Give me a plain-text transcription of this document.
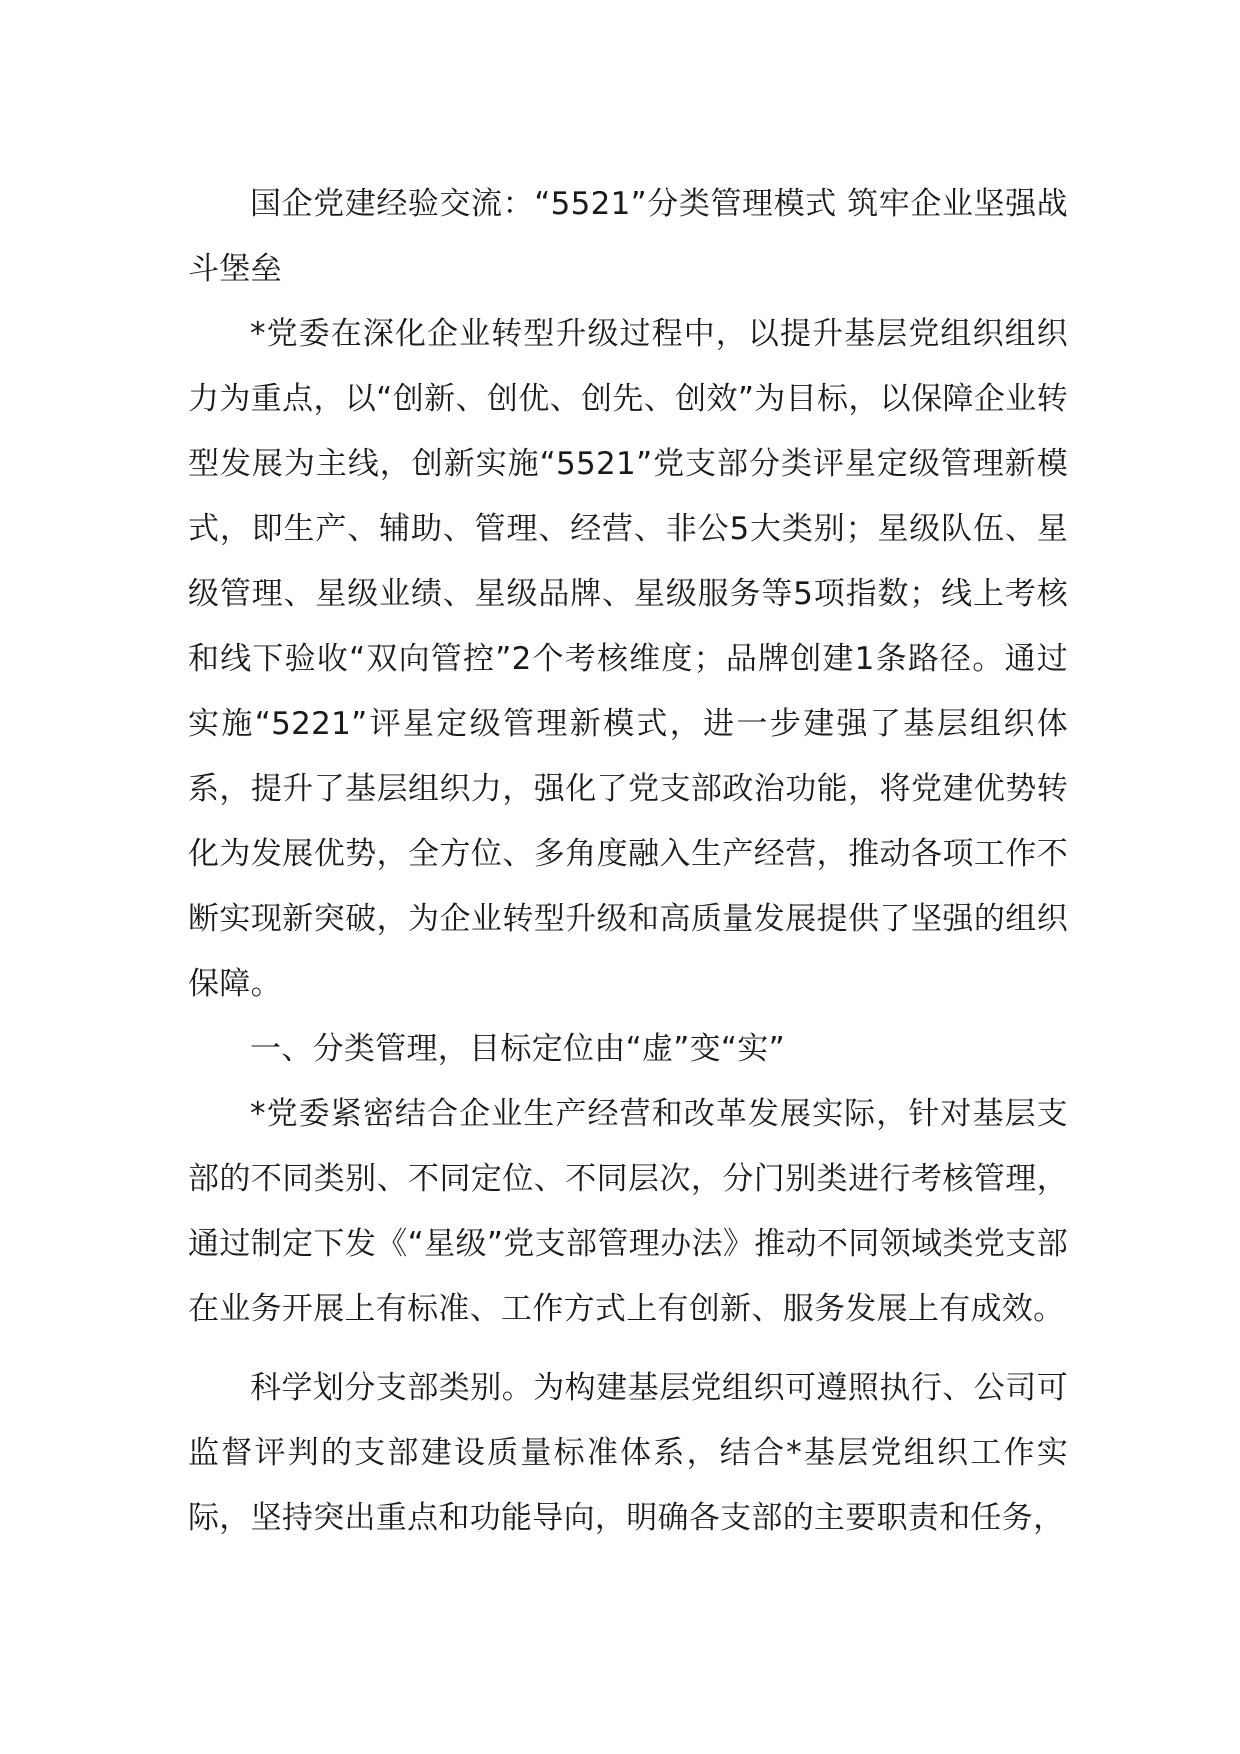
国企党建经验交流：“5521”分类管理模式 筑牢企业坚强战斗堡垒

*党委在深化企业转型升级过程中，以提升基层党组织组织力为重点，以“创新、创优、创先、创效”为目标，以保障企业转型发展为主线，创新实施“5521”党支部分类评星定级管理新模式，即生产、辅助、管理、经营、非公5大类别；星级队伍、星级管理、星级业绩、星级品牌、星级服务等5项指数；线上考核和线下验收“双向管控”2个考核维度；品牌创建1条路径。通过实施“5221”评星定级管理新模式，进一步建强了基层组织体系，提升了基层组织力，强化了党支部政治功能，将党建优势转化为发展优势，全方位、多角度融入生产经营，推动各项工作不断实现新突破，为企业转型升级和高质量发展提供了坚强的组织保障。

一、分类管理，目标定位由“虚”变“实”

*党委紧密结合企业生产经营和改革发展实际，针对基层支部的不同类别、不同定位、不同层次，分门别类进行考核管理，通过制定下发《“星级”党支部管理办法》推动不同领域类党支部在业务开展上有标准、工作方式上有创新、服务发展上有成效。

科学划分支部类别。为构建基层党组织可遵照执行、公司可监督评判的支部建设质量标准体系，结合*基层党组织工作实际，坚持突出重点和功能导向，明确各支部的主要职责和任务，
